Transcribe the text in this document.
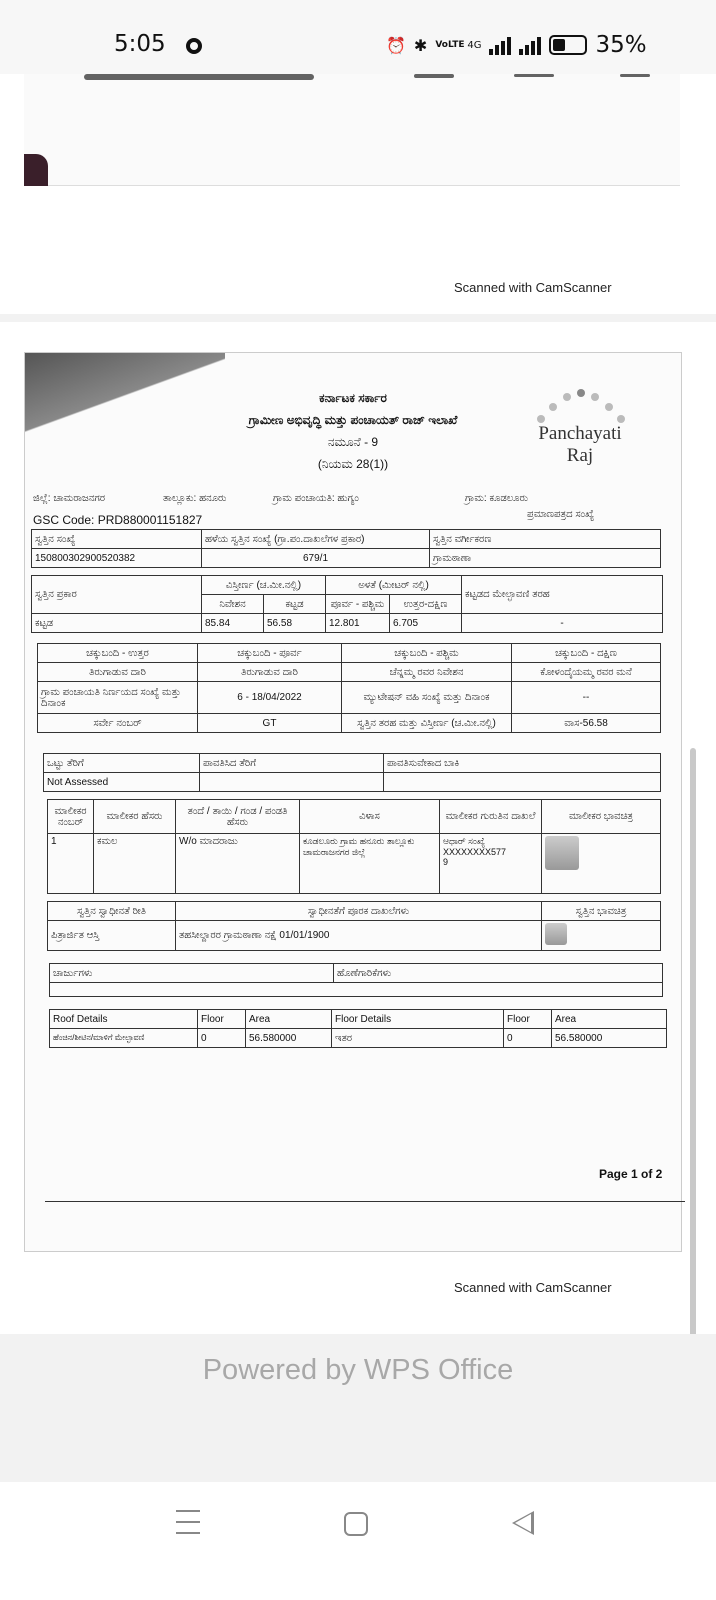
5:05	⏰ ✱ VoLTE 4G	35%
Scanned with CamScanner
ಕರ್ನಾಟಕ ಸರ್ಕಾರ
ಗ್ರಾಮೀಣ ಅಭಿವೃದ್ಧಿ ಮತ್ತು ಪಂಚಾಯತ್ ರಾಜ್ ಇಲಾಖೆ
ನಮೂನೆ - 9
(ನಿಯಮ 28(1))
Panchayati Raj
ಜಿಲ್ಲೆ: ಚಾಮರಾಜನಗರ	ತಾಲ್ಲೂಕು: ಹನೂರು	ಗ್ರಾಮ ಪಂಚಾಯತಿ: ಹುಗ್ಯಂ	ಗ್ರಾಮ: ಕೂಡಲೂರು
ಪ್ರಮಾಣಪತ್ರದ ಸಂಖ್ಯೆ
GSC Code: PRD880001151827
ಸ್ವತ್ತಿನ ಸಂಖ್ಯೆ	ಹಳೆಯ ಸ್ವತ್ತಿನ ಸಂಖ್ಯೆ (ಗ್ರಾ.ಪಂ.ದಾಖಲೆಗಳ ಪ್ರಕಾರ)	ಸ್ವತ್ತಿನ ವರ್ಗೀಕರಣ
150800302900520382	679/1	ಗ್ರಾಮಠಾಣಾ
ಸ್ವತ್ತಿನ ಪ್ರಕಾರ	ವಿಸ್ತೀರ್ಣ (ಚ.ಮೀ.ನಲ್ಲಿ)		ಅಳತೆ (ಮೀಟರ್ ನಲ್ಲಿ)		ಕಟ್ಟಡದ ಮೇಲ್ಛಾವಣಿ ತರಹ
	ನಿವೇಶನ	ಕಟ್ಟಡ	ಪೂರ್ವ - ಪಶ್ಚಿಮ	ಉತ್ತರ-ದಕ್ಷಿಣ	
ಕಟ್ಟಡ	85.84	56.58	12.801	6.705	-
ಚಕ್ಕುಬಂದಿ - ಉತ್ತರ	ಚಕ್ಕುಬಂದಿ - ಪೂರ್ವ	ಚಕ್ಕುಬಂದಿ - ಪಶ್ಚಿಮ	ಚಕ್ಕುಬಂದಿ - ದಕ್ಷಿಣ
ತಿರುಗಾಡುವ ದಾರಿ	ತಿರುಗಾಡುವ ದಾರಿ	ಚೆನ್ನಮ್ಮ ರವರ ನಿವೇಶನ	ಕೋಳಂದೈಯಮ್ಮ ರವರ ಮನೆ
ಗ್ರಾಮ ಪಂಚಾಯತಿ ನಿರ್ಣಯದ ಸಂಖ್ಯೆ ಮತ್ತು ದಿನಾಂಕ	6 - 18/04/2022	ಮ್ಯುಟೇಷನ್ ವಹಿ ಸಂಖ್ಯೆ ಮತ್ತು ದಿನಾಂಕ	--
ಸರ್ವೇ ನಂಬರ್	GT	ಸ್ವತ್ತಿನ ತರಹ ಮತ್ತು ವಿಸ್ತೀರ್ಣ (ಚ.ಮೀ.ನಲ್ಲಿ)	ವಾಸ-56.58
ಒಟ್ಟು ತೆರಿಗೆ	ಪಾವತಿಸಿದ ತೆರಿಗೆ	ಪಾವತಿಸುವೇಕಾದ ಬಾಕಿ
Not Assessed		
ಮಾಲೀಕರ ನಂಬರ್	ಮಾಲೀಕರ ಹೆಸರು	ತಂದೆ / ತಾಯಿ / ಗಂಡ / ಪಂಡತಿ ಹೆಸರು	ವಿಳಾಸ	ಮಾಲೀಕರ ಗುರುತಿನ ದಾಖಲೆ	ಮಾಲೀಕರ ಭಾವಚಿತ್ರ
1	ಕಮಲ	W/o ಮಾದರಾಜು	ಕೂಡಲೂರು ಗ್ರಾಮ ಹನೂರು ತಾಲ್ಲೂಕು ಚಾಮರಾಜನಗರ ಜಿಲ್ಲೆ	ಆಧಾರ್ ಸಂಖ್ಯೆ
XXXXXXXX577
9	

ಸ್ವತ್ತಿನ ಸ್ವಾಧೀನತೆ ರೀತಿ	ಸ್ವಾಧೀನತೆಗೆ ಪೂರಕ ದಾಖಲೆಗಳು	ಸ್ವತ್ತಿನ ಭಾವಚಿತ್ರ
ಪಿತ್ರಾರ್ಜಿತ ಆಸ್ತಿ	ತಹಸೀಲ್ದಾರರ ಗ್ರಾಮಠಾಣಾ ನಕ್ಷೆ 01/01/1900	
ಚಾರ್ಜುಗಳು	ಹೊಣೆಗಾರಿಕೆಗಳು

Roof Details	Floor	Area	Floor Details	Floor	Area
ಹೆಂಚಿನ/ಶೀಟಿನ/ಮಾಳಿಗೆ ಮೇಲ್ಛಾವಣಿ	0	56.580000	ಇತರ	0	56.580000
Page 1 of 2
Scanned with CamScanner
Powered by WPS Office
